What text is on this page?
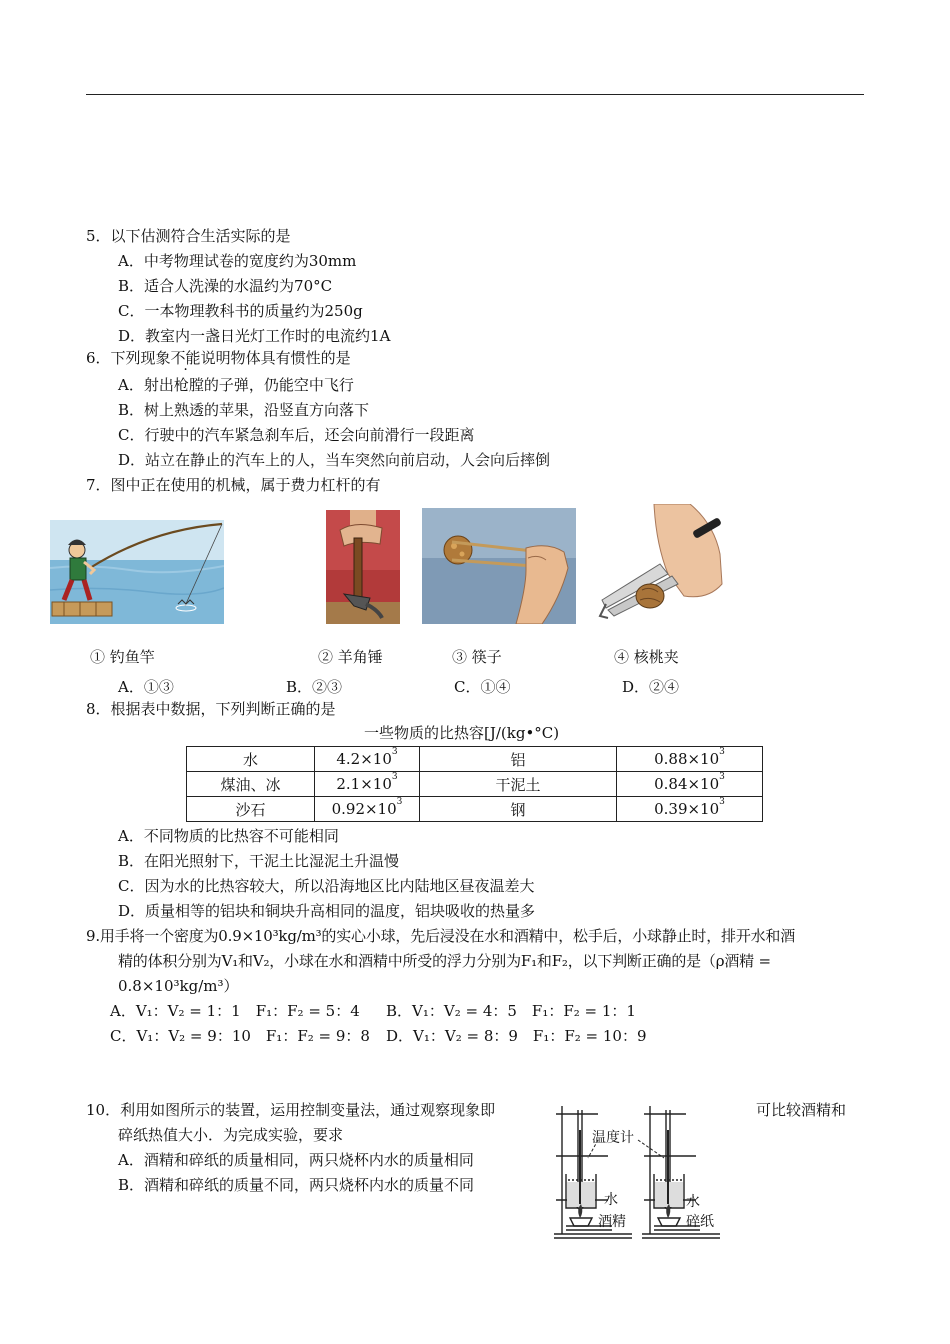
5．以下估测符合生活实际的是
A．中考物理试卷的宽度约为30mm
B．适合人洗澡的水温约为70°C
C．一本物理教科书的质量约为250g
D．教室内一盏日光灯工作时的电流约1A
6．下列现象不能说明物体具有惯性的是
A．射出枪膛的子弹，仍能空中飞行
B．树上熟透的苹果，沿竖直方向落下
C．行驶中的汽车紧急刹车后，还会向前滑行一段距离
D．站立在静止的汽车上的人，当车突然向前启动，人会向后摔倒
7．图中正在使用的机械，属于费力杠杆的有
① 钓鱼竿	② 羊角锤	③ 筷子	④ 核桃夹
A．①③	B．②③	C．①④	D．②④
8．根据表中数据，下列判断正确的是
一些物质的比热容[J/(kg•°C)
水	$4.2\times 10^3$	铝	$0.88\times 10^3$
煤油、冰	$2.1\times 10^3$	干泥土	$0.84\times 10^3$
沙石	$0.92\times 10^3$	钢	$0.39\times 10^3$
A．不同物质的比热容不可能相同
B．在阳光照射下，干泥土比湿泥土升温慢
C．因为水的比热容较大，所以沿海地区比内陆地区昼夜温差大
D．质量相等的铝块和铜块升高相同的温度，铝块吸收的热量多
9.用手将一个密度为0.9×10³kg/m³的实心小球，先后浸没在水和酒精中，松手后，小球静止时，排开水和酒
精的体积分别为V₁和V₂，小球在水和酒精中所受的浮力分别为F₁和F₂，以下判断正确的是（ρ酒精 =
0.8×10³kg/m³）
A．V₁：V₂ = 1：1　F₁：F₂ = 5：4 B．V₁：V₂ = 4：5　F₁：F₂ = 1：1
C．V₁：V₂ = 9：10　F₁：F₂ = 9：8 D．V₁：V₂ = 8：9　F₁：F₂ = 10：9
10．利用如图所示的装置，运用控制变量法，通过观察现象即	可比较酒精和
碎纸热值大小．为完成实验，要求
A．酒精和碎纸的质量相同，两只烧杯内水的质量相同
B．酒精和碎纸的质量不同，两只烧杯内水的质量不同
温度计
水
酒精
水
碎纸
